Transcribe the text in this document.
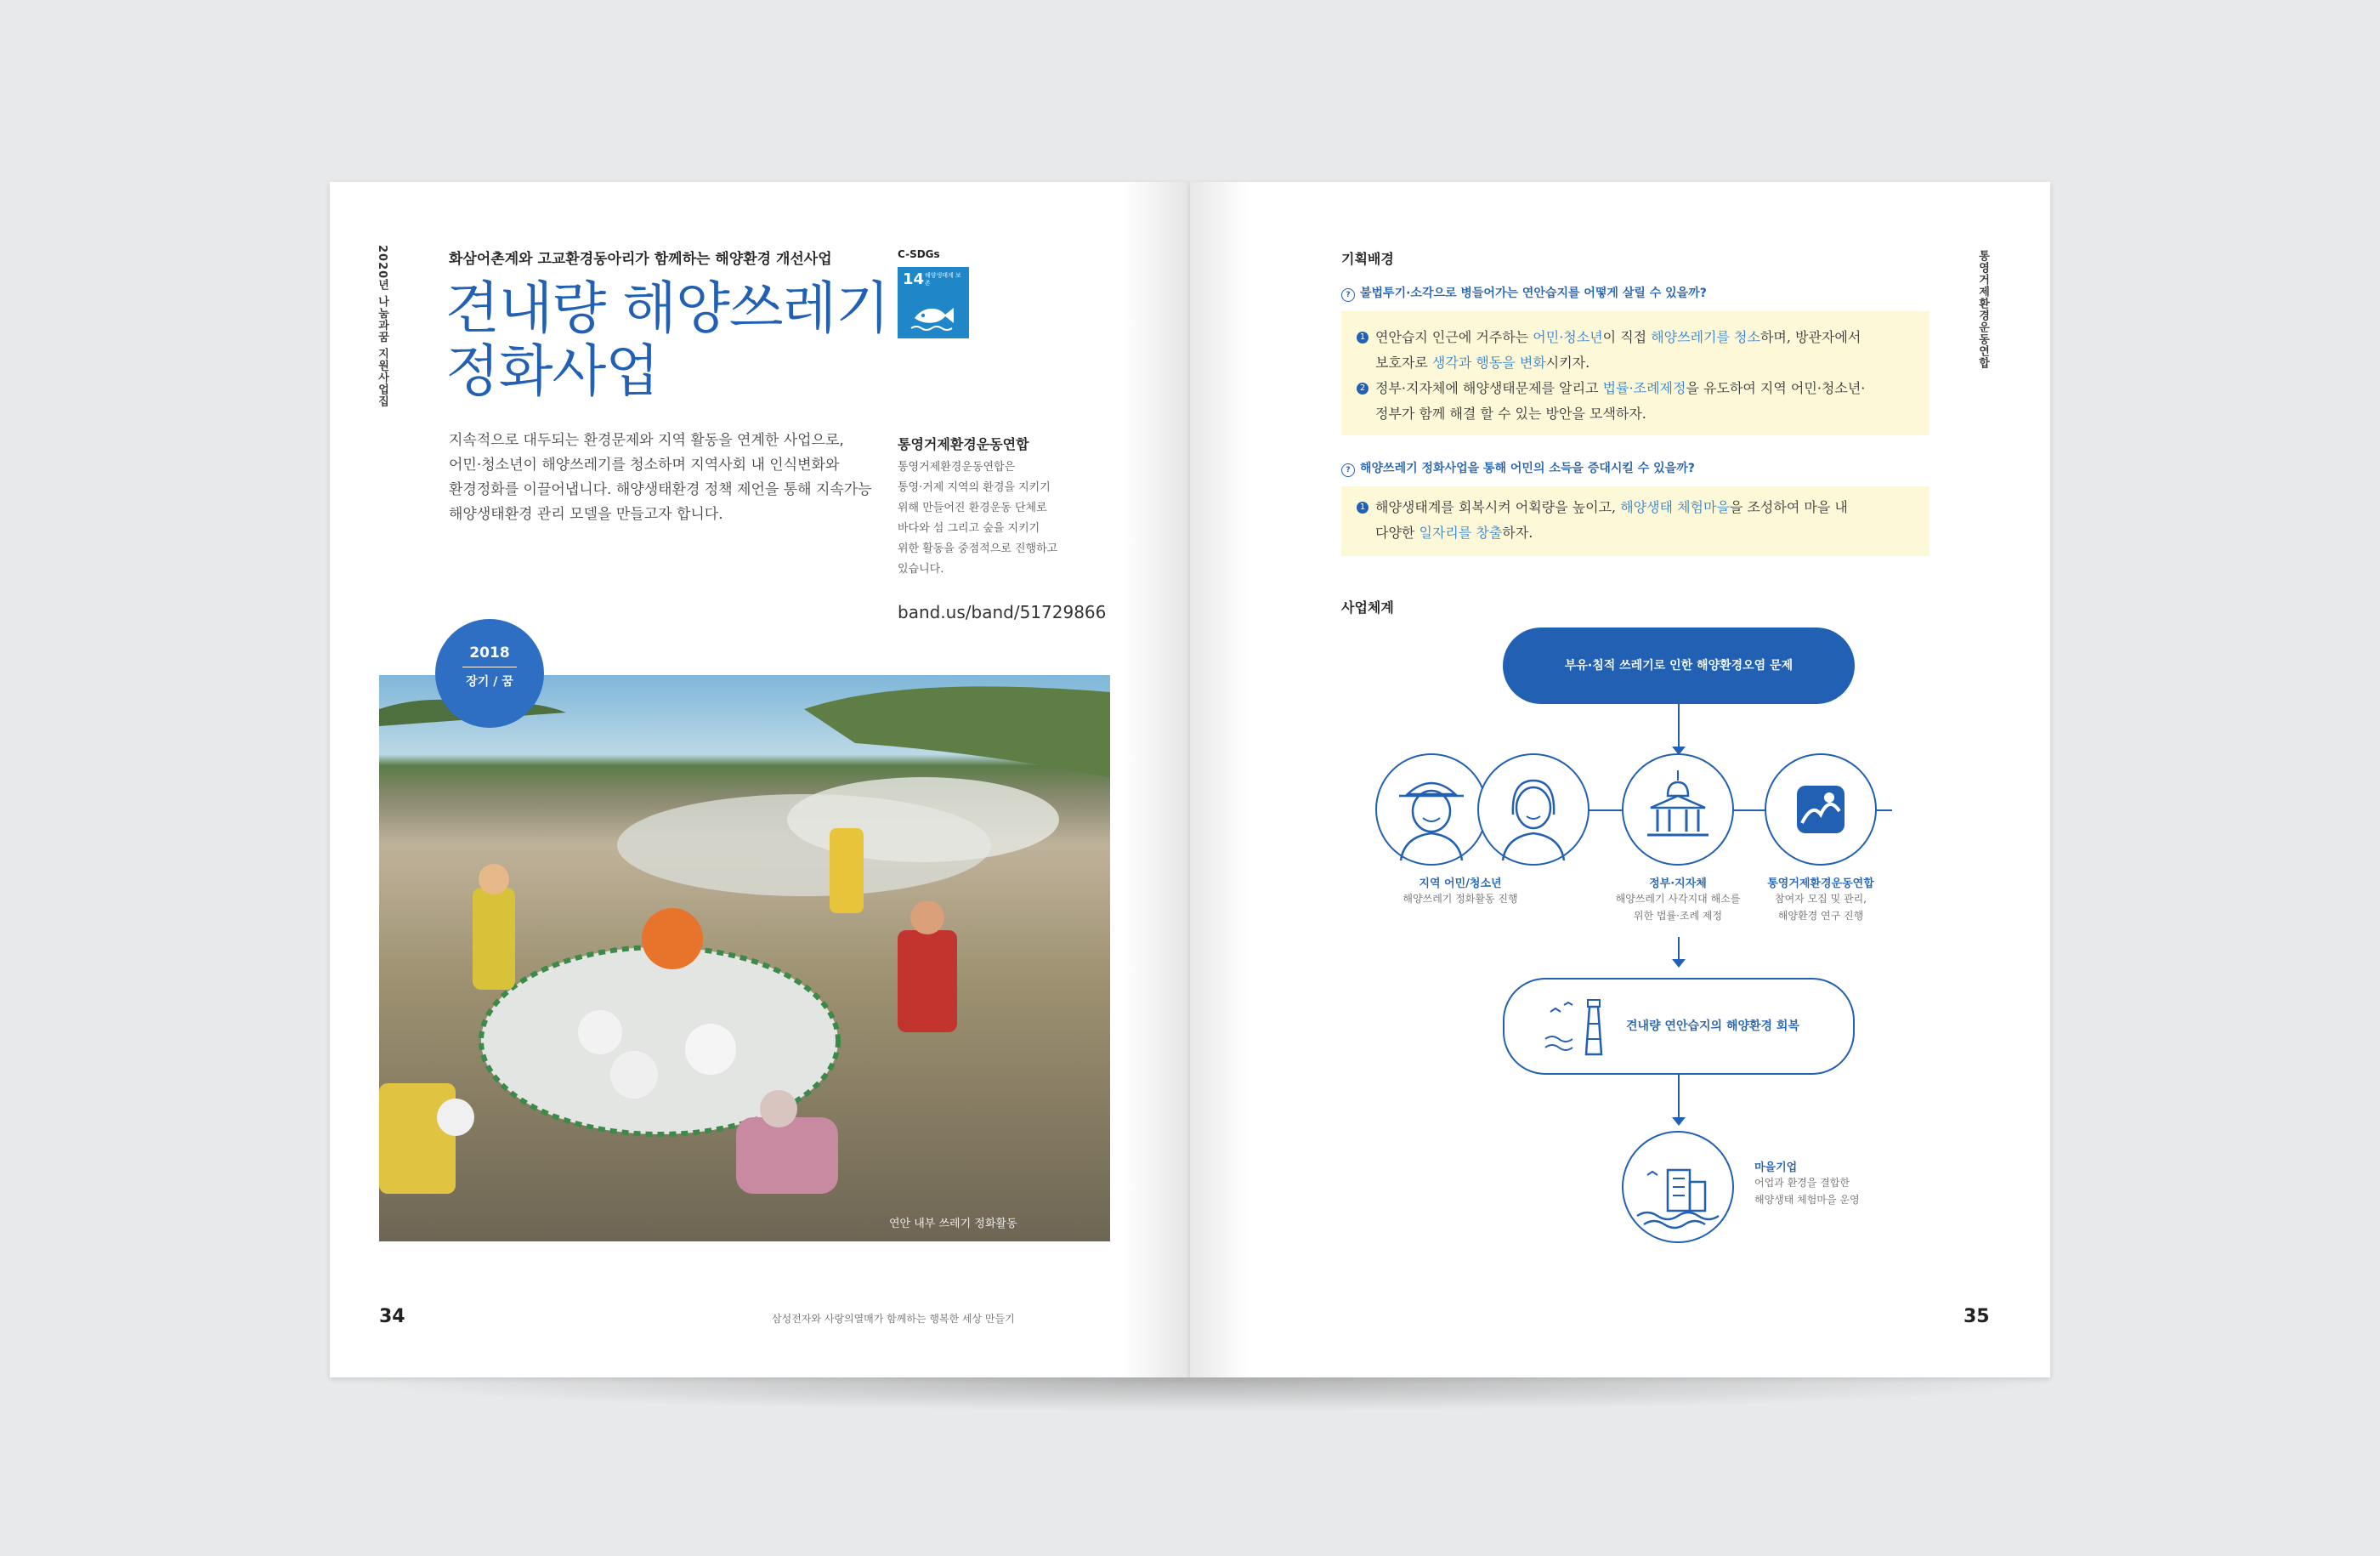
2020년 나눔과꿈 지원사업집	화삼어촌계와 고교환경동아리가 함께하는 해양환경 개선사업
견내량 해양쓰레기
정화사업
C-SDGs
14 해양생태계 보존
지속적으로 대두되는 환경문제와 지역 활동을 연계한 사업으로,
어민·청소년이 해양쓰레기를 청소하며 지역사회 내 인식변화와
환경정화를 이끌어냅니다. 해양생태환경 정책 제언을 통해 지속가능
해양생태환경 관리 모델을 만들고자 합니다.
통영거제환경운동연합
통영거제환경운동연합은
통영·거제 지역의 환경을 지키기
위해 만들어진 환경운동 단체로
바다와 섬 그리고 숲을 지키기
위한 활동을 중점적으로 진행하고
있습니다.
band.us/band/51729866
연안 내부 쓰레기 정화활동
2018
장기 / 꿈
34	삼성전자와 사랑의열매가 함께하는 행복한 세상 만들기
통영거제환경운동연합
기획배경
? 불법투기·소각으로 병들어가는 연안습지를 어떻게 살릴 수 있을까?
1 연안습지 인근에 거주하는 어민·청소년이 직접 해양쓰레기를 청소하며, 방관자에서
보호자로 생각과 행동을 변화시키자.
2 정부·지자체에 해양생태문제를 알리고 법률·조례제정을 유도하여 지역 어민·청소년·
정부가 함께 해결 할 수 있는 방안을 모색하자.
? 해양쓰레기 정화사업을 통해 어민의 소득을 증대시킬 수 있을까?
1 해양생태계를 회복시켜 어획량을 높이고, 해양생태 체험마을을 조성하여 마을 내
다양한 일자리를 창출하자.
사업체계
부유·침적 쓰레기로 인한 해양환경오염 문제
지역 어민/청소년
해양쓰레기 정화활동 진행
정부·지자체
해양쓰레기 사각지대 해소를
위한 법률·조례 제정
통영거제환경운동연합
참여자 모집 및 관리,
해양환경 연구 진행
견내량 연안습지의 해양환경 회복
마을기업
어업과 환경을 결합한
해양생태 체험마을 운영
35
